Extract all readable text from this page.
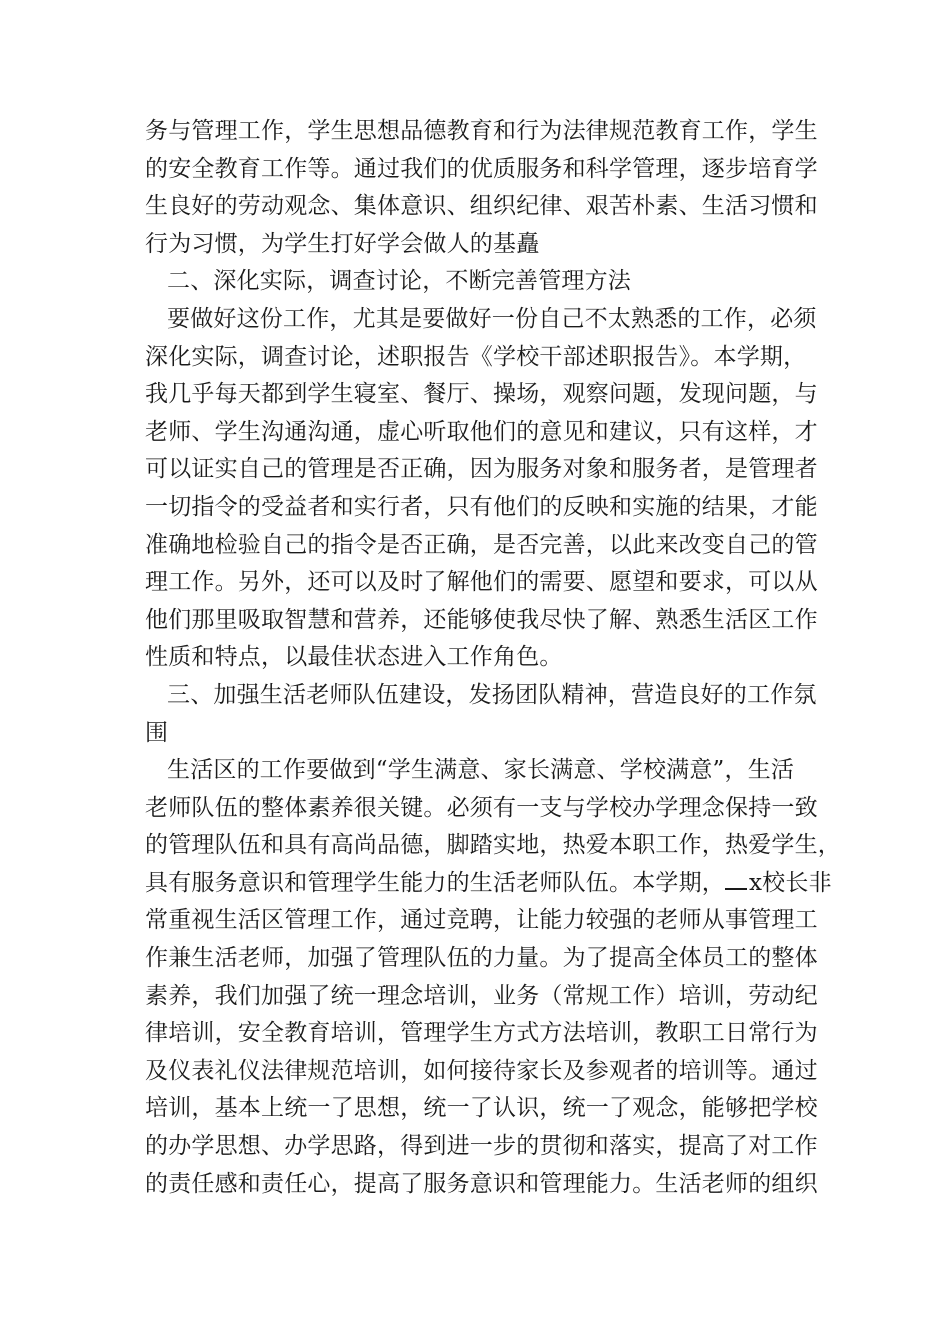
务与管理工作，学生思想品德教育和行为法律规范教育工作，学生
的安全教育工作等。通过我们的优质服务和科学管理，逐步培育学
生良好的劳动观念、集体意识、组织纪律、艰苦朴素、生活习惯和
行为习惯，为学生打好学会做人的基矗
二、深化实际，调查讨论，不断完善管理方法
要做好这份工作，尤其是要做好一份自己不太熟悉的工作，必须
深化实际，调查讨论，述职报告《学校干部述职报告》。本学期，
我几乎每天都到学生寝室、餐厅、操场，观察问题，发现问题，与
老师、学生沟通沟通，虚心听取他们的意见和建议，只有这样，才
可以证实自己的管理是否正确，因为服务对象和服务者，是管理者
一切指令的受益者和实行者，只有他们的反映和实施的结果，才能
准确地检验自己的指令是否正确，是否完善，以此来改变自己的管
理工作。另外，还可以及时了解他们的需要、愿望和要求，可以从
他们那里吸取智慧和营养，还能够使我尽快了解、熟悉生活区工作
性质和特点，以最佳状态进入工作角色。
三、加强生活老师队伍建设，发扬团队精神，营造良好的工作氛
围
生活区的工作要做到“学生满意、家长满意、学校满意”，生活
老师队伍的整体素养很关键。必须有一支与学校办学理念保持一致
的管理队伍和具有高尚品德，脚踏实地，热爱本职工作，热爱学生，
具有服务意识和管理学生能力的生活老师队伍。本学期， x校长非
常重视生活区管理工作，通过竞聘，让能力较强的老师从事管理工
作兼生活老师，加强了管理队伍的力量。为了提高全体员工的整体
素养，我们加强了统一理念培训，业务（常规工作）培训，劳动纪
律培训，安全教育培训，管理学生方式方法培训，教职工日常行为
及仪表礼仪法律规范培训，如何接待家长及参观者的培训等。通过
培训，基本上统一了思想，统一了认识，统一了观念，能够把学校
的办学思想、办学思路，得到进一步的贯彻和落实，提高了对工作
的责任感和责任心，提高了服务意识和管理能力。生活老师的组织
